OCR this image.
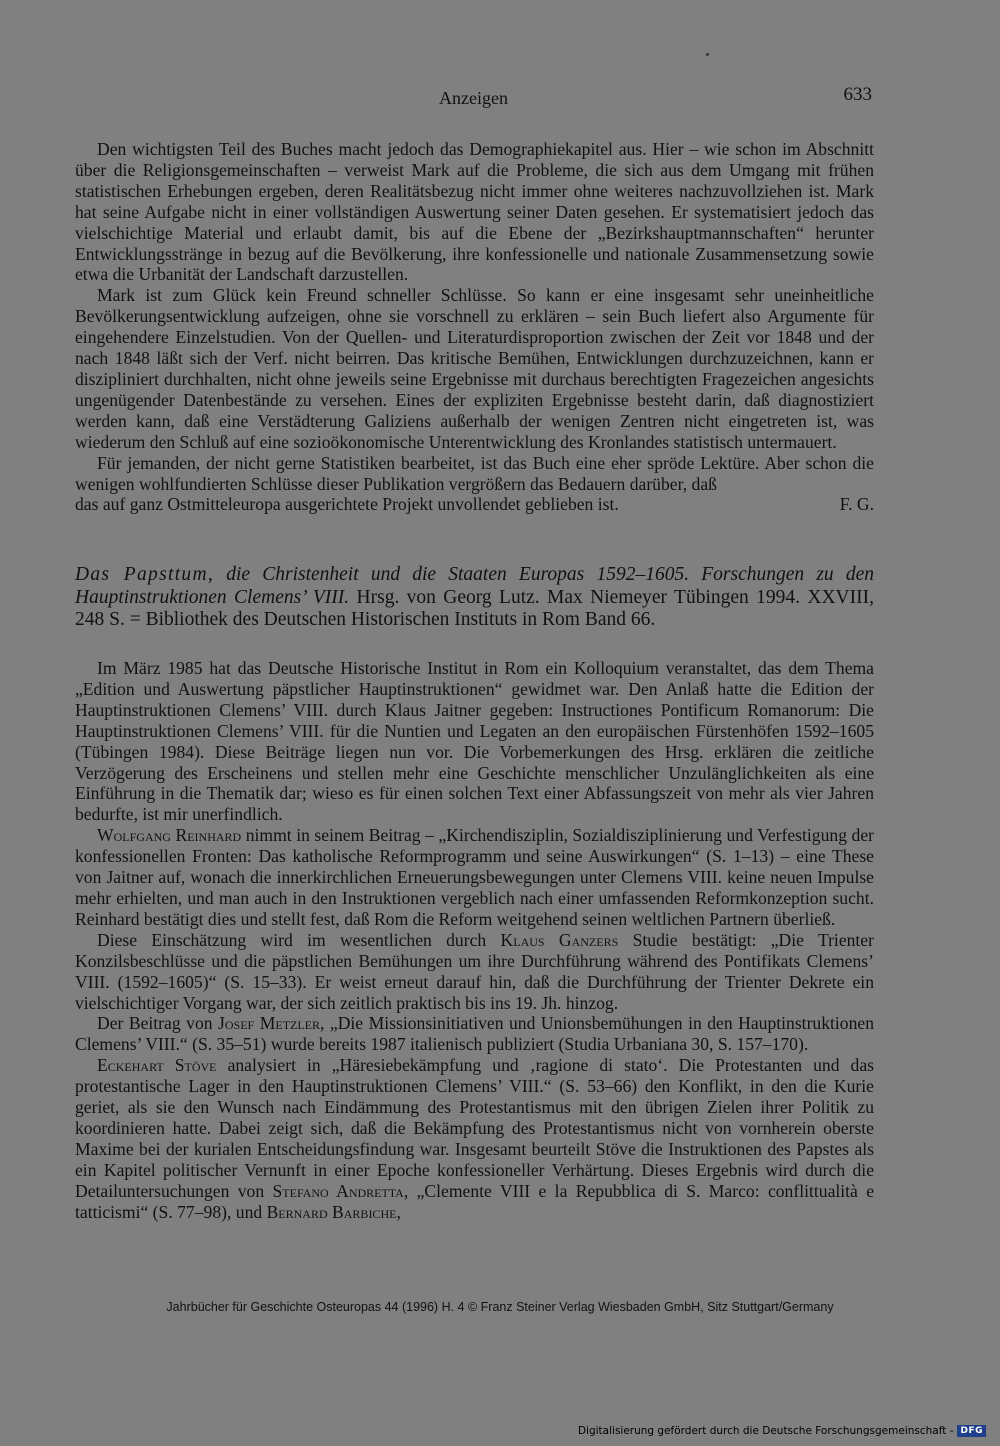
Anzeigen	633

Den wichtigsten Teil des Buches macht jedoch das Demographiekapitel aus. Hier – wie schon im Abschnitt über die Religionsgemeinschaften – verweist Mark auf die Probleme, die sich aus dem Umgang mit frühen statistischen Erhebungen ergeben, deren Realitätsbezug nicht immer ohne weiteres nachzuvollziehen ist. Mark hat seine Aufgabe nicht in einer vollständigen Auswertung seiner Daten gesehen. Er systematisiert jedoch das vielschichtige Material und erlaubt damit, bis auf die Ebene der „Bezirkshauptmannschaften“ herunter Entwicklungsstränge in bezug auf die Bevölkerung, ihre konfessionelle und nationale Zusammensetzung sowie etwa die Urbanität der Landschaft darzustellen.

Mark ist zum Glück kein Freund schneller Schlüsse. So kann er eine insgesamt sehr uneinheitliche Bevölkerungsentwicklung aufzeigen, ohne sie vorschnell zu erklären – sein Buch liefert also Argumente für eingehendere Einzelstudien. Von der Quellen- und Literaturdisproportion zwischen der Zeit vor 1848 und der nach 1848 läßt sich der Verf. nicht beirren. Das kritische Bemühen, Entwicklungen durchzuzeichnen, kann er diszipliniert durchhalten, nicht ohne jeweils seine Ergebnisse mit durchaus berechtigten Fragezeichen angesichts ungenügender Datenbestände zu versehen. Eines der expliziten Ergebnisse besteht darin, daß diagnostiziert werden kann, daß eine Verstädterung Galiziens außerhalb der wenigen Zentren nicht eingetreten ist, was wiederum den Schluß auf eine sozioökonomische Unterentwicklung des Kronlandes statistisch untermauert.

Für jemanden, der nicht gerne Statistiken bearbeitet, ist das Buch eine eher spröde Lektüre. Aber schon die wenigen wohlfundierten Schlüsse dieser Publikation vergrößern das Bedauern darüber, daß

das auf ganz Ostmitteleuropa ausgerichtete Projekt unvollendet geblieben ist.	F. G.
Das Papsttum, die Christenheit und die Staaten Europas 1592–1605. Forschungen zu den Hauptinstruktionen Clemens’ VIII. Hrsg. von Georg Lutz. Max Niemeyer Tübingen 1994. XXVIII, 248 S. = Bibliothek des Deutschen Historischen Instituts in Rom Band 66.

Im März 1985 hat das Deutsche Historische Institut in Rom ein Kolloquium veranstaltet, das dem Thema „Edition und Auswertung päpstlicher Hauptinstruktionen“ gewidmet war. Den Anlaß hatte die Edition der Hauptinstruktionen Clemens’ VIII. durch Klaus Jaitner gegeben: Instructiones Pontificum Romanorum: Die Hauptinstruktionen Clemens’ VIII. für die Nuntien und Legaten an den europäischen Fürstenhöfen 1592–1605 (Tübingen 1984). Diese Beiträge liegen nun vor. Die Vorbemerkungen des Hrsg. erklären die zeitliche Verzögerung des Erscheinens und stellen mehr eine Geschichte menschlicher Unzulänglichkeiten als eine Einführung in die Thematik dar; wieso es für einen solchen Text einer Abfassungszeit von mehr als vier Jahren bedurfte, ist mir unerfindlich.

Wolfgang Reinhard nimmt in seinem Beitrag – „Kirchendisziplin, Sozialdisziplinierung und Verfestigung der konfessionellen Fronten: Das katholische Reformprogramm und seine Auswirkungen“ (S. 1–13) – eine These von Jaitner auf, wonach die innerkirchlichen Erneuerungsbewegungen unter Clemens VIII. keine neuen Impulse mehr erhielten, und man auch in den Instruktionen vergeblich nach einer umfassenden Reformkonzeption sucht. Reinhard bestätigt dies und stellt fest, daß Rom die Reform weitgehend seinen weltlichen Partnern überließ.

Diese Einschätzung wird im wesentlichen durch Klaus Ganzers Studie bestätigt: „Die Trienter Konzilsbeschlüsse und die päpstlichen Bemühungen um ihre Durchführung während des Pontifikats Clemens’ VIII. (1592–1605)“ (S. 15–33). Er weist erneut darauf hin, daß die Durchführung der Trienter Dekrete ein vielschichtiger Vorgang war, der sich zeitlich praktisch bis ins 19. Jh. hinzog.

Der Beitrag von Josef Metzler, „Die Missionsinitiativen und Unionsbemühungen in den Hauptinstruktionen Clemens’ VIII.“ (S. 35–51) wurde bereits 1987 italienisch publiziert (Studia Urbaniana 30, S. 157–170).

Eckehart Stöve analysiert in „Häresiebekämpfung und ‚ragione di stato‘. Die Protestanten und das protestantische Lager in den Hauptinstruktionen Clemens’ VIII.“ (S. 53–66) den Konflikt, in den die Kurie geriet, als sie den Wunsch nach Eindämmung des Protestantismus mit den übrigen Zielen ihrer Politik zu koordinieren hatte. Dabei zeigt sich, daß die Bekämpfung des Protestantismus nicht von vornherein oberste Maxime bei der kurialen Entscheidungsfindung war. Insgesamt beurteilt Stöve die Instruktionen des Papstes als ein Kapitel politischer Vernunft in einer Epoche konfessioneller Verhärtung. Dieses Ergebnis wird durch die Detailuntersuchungen von Stefano Andretta, „Clemente VIII e la Repubblica di S. Marco: conflittualità e tatticismi“ (S. 77–98), und Bernard Barbiche,

Jahrbücher für Geschichte Osteuropas 44 (1996) H. 4 © Franz Steiner Verlag Wiesbaden GmbH, Sitz Stuttgart/Germany
Digitalisierung gefördert durch die Deutsche Forschungsgemeinschaft - DFG
